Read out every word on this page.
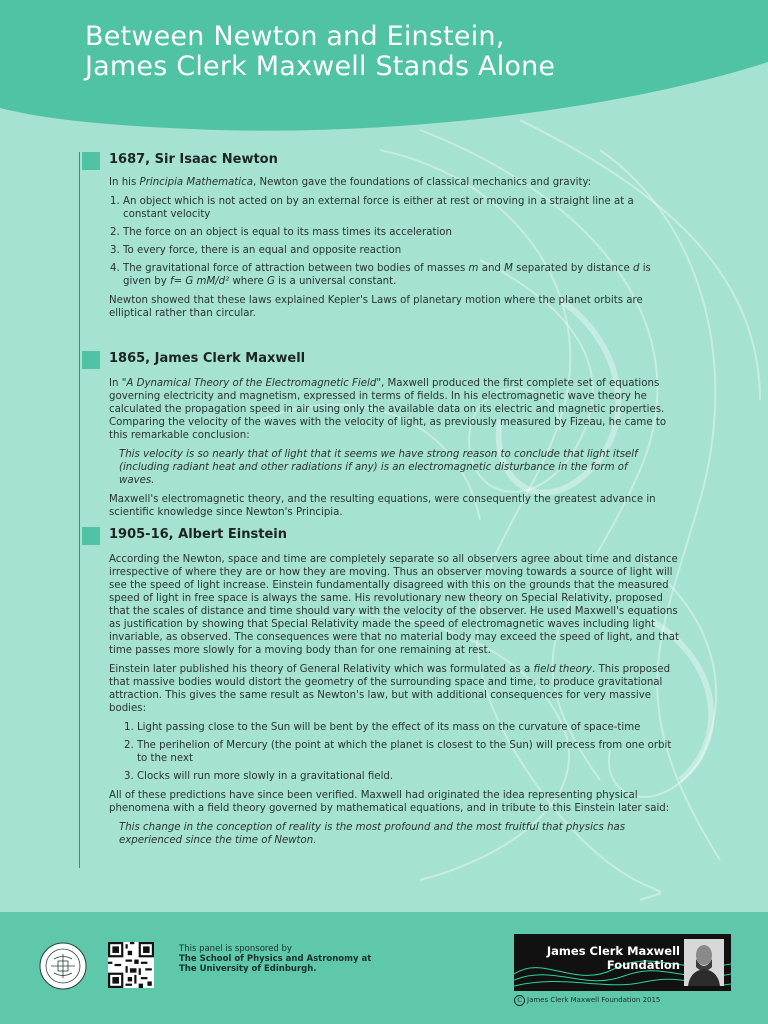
Between Newton and Einstein,
James Clerk Maxwell Stands Alone
1687, Sir Isaac Newton

In his Principia Mathematica, Newton gave the foundations of classical mechanics and gravity:

1. An object which is not acted on by an external force is either at rest or moving in a straight line at a constant velocity
2. The force on an object is equal to its mass times its acceleration
3. To every force, there is an equal and opposite reaction
4. The gravitational force of attraction between two bodies of masses m and M separated by distance d is given by f= G mM/d² where G is a universal constant.

Newton showed that these laws explained Kepler's Laws of planetary motion where the planet orbits are elliptical rather than circular.

1865, James Clerk Maxwell

In "A Dynamical Theory of the Electromagnetic Field", Maxwell produced the first complete set of equations governing electricity and magnetism, expressed in terms of fields. In his electromagnetic wave theory he calculated the propagation speed in air using only the available data on its electric and magnetic properties. Comparing the velocity of the waves with the velocity of light, as previously measured by Fizeau, he came to this remarkable conclusion:

This velocity is so nearly that of light that it seems we have strong reason to conclude that light itself (including radiant heat and other radiations if any) is an electromagnetic disturbance in the form of waves.

Maxwell's electromagnetic theory, and the resulting equations, were consequently the greatest advance in scientific knowledge since Newton's Principia.

1905-16, Albert Einstein

According the Newton, space and time are completely separate so all observers agree about time and distance irrespective of where they are or how they are moving. Thus an observer moving towards a source of light will see the speed of light increase. Einstein fundamentally disagreed with this on the grounds that the measured speed of light in free space is always the same. His revolutionary new theory on Special Relativity, proposed that the scales of distance and time should vary with the velocity of the observer. He used Maxwell's equations as justification by showing that Special Relativity made the speed of electromagnetic waves including light invariable, as observed. The consequences were that no material body may exceed the speed of light, and that time passes more slowly for a moving body than for one remaining at rest.

Einstein later published his theory of General Relativity which was formulated as a field theory. This proposed that massive bodies would distort the geometry of the surrounding space and time, to produce gravitational attraction. This gives the same result as Newton's law, but with additional consequences for very massive bodies:

1. Light passing close to the Sun will be bent by the effect of its mass on the curvature of space-time
2. The perihelion of Mercury (the point at which the planet is closest to the Sun) will precess from one orbit to the next
3. Clocks will run more slowly in a gravitational field.

All of these predictions have since been verified. Maxwell had originated the idea representing physical phenomena with a field theory governed by mathematical equations, and in tribute to this Einstein later said:

This change in the conception of reality is the most profound and the most fruitful that physics has experienced since the time of Newton.

This panel is sponsored by
The School of Physics and Astronomy at
The University of Edinburgh.
James Clerk Maxwell
Foundation
C James Clerk Maxwell Foundation 2015
